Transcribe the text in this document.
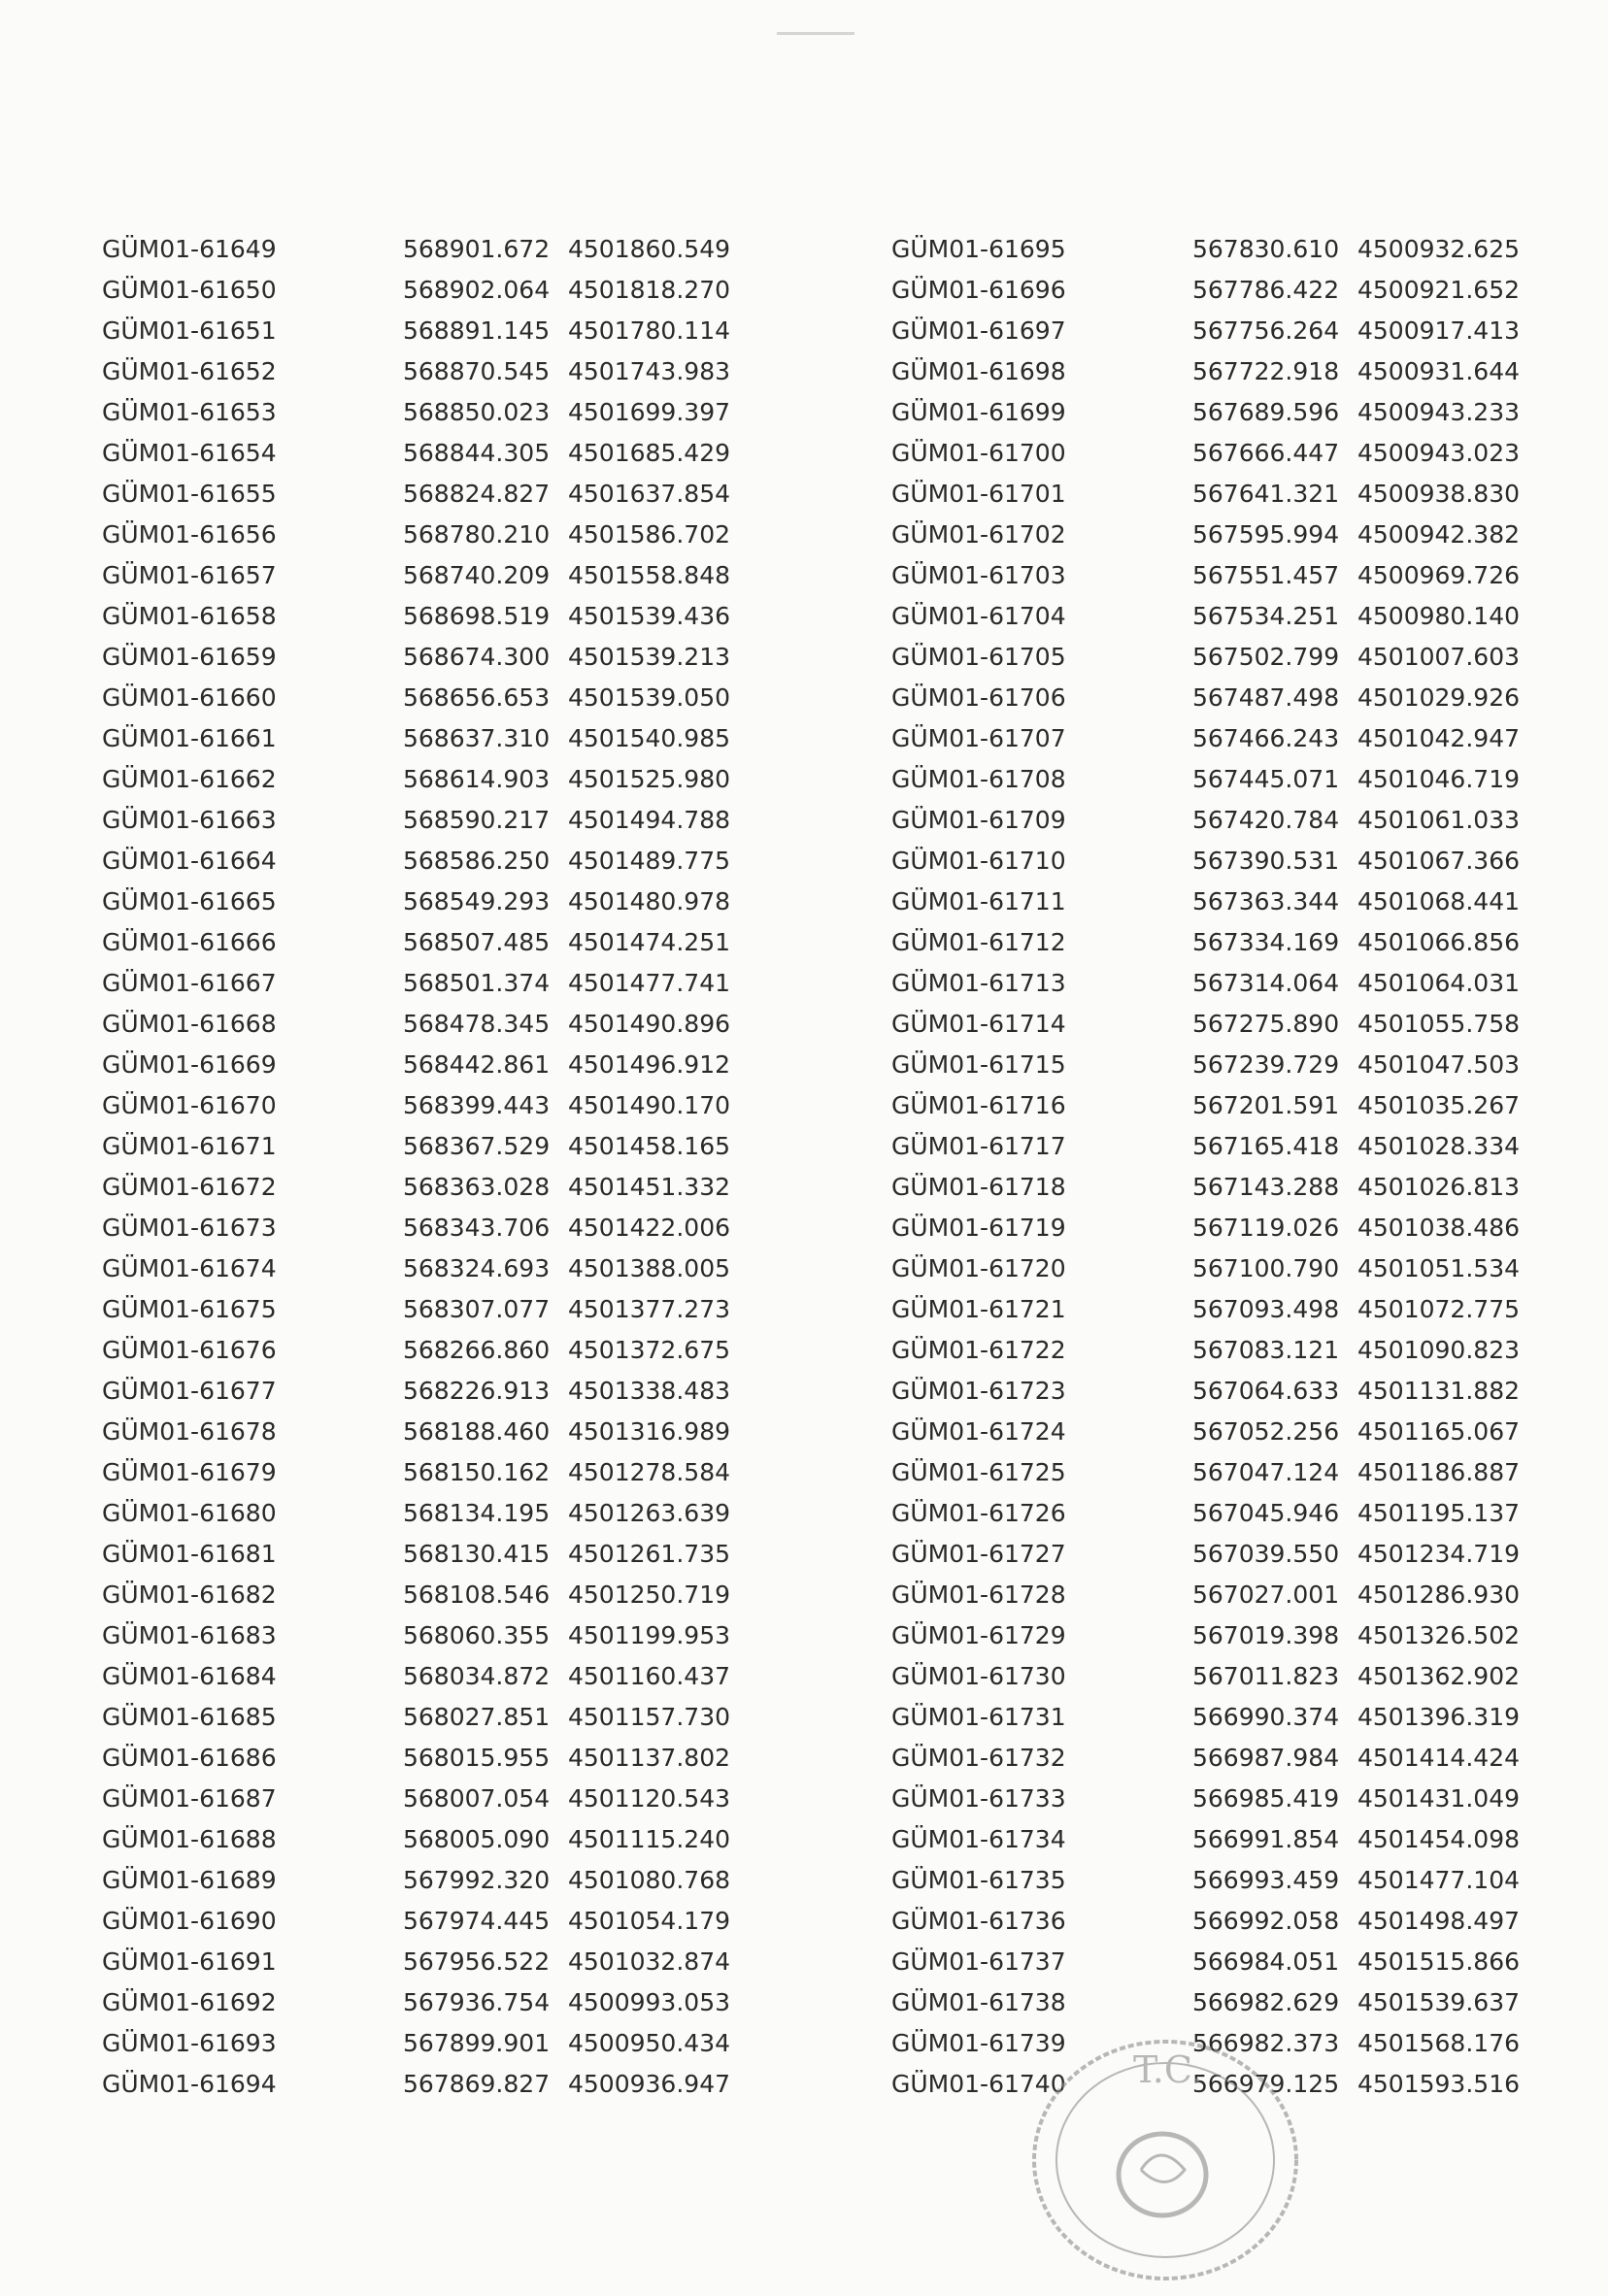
GÜM01-61649	568901.672 4501860.549
GÜM01-61650	568902.064 4501818.270
GÜM01-61651	568891.145 4501780.114
GÜM01-61652	568870.545 4501743.983
GÜM01-61653	568850.023 4501699.397
GÜM01-61654	568844.305 4501685.429
GÜM01-61655	568824.827 4501637.854
GÜM01-61656	568780.210 4501586.702
GÜM01-61657	568740.209 4501558.848
GÜM01-61658	568698.519 4501539.436
GÜM01-61659	568674.300 4501539.213
GÜM01-61660	568656.653 4501539.050
GÜM01-61661	568637.310 4501540.985
GÜM01-61662	568614.903 4501525.980
GÜM01-61663	568590.217 4501494.788
GÜM01-61664	568586.250 4501489.775
GÜM01-61665	568549.293 4501480.978
GÜM01-61666	568507.485 4501474.251
GÜM01-61667	568501.374 4501477.741
GÜM01-61668	568478.345 4501490.896
GÜM01-61669	568442.861 4501496.912
GÜM01-61670	568399.443 4501490.170
GÜM01-61671	568367.529 4501458.165
GÜM01-61672	568363.028 4501451.332
GÜM01-61673	568343.706 4501422.006
GÜM01-61674	568324.693 4501388.005
GÜM01-61675	568307.077 4501377.273
GÜM01-61676	568266.860 4501372.675
GÜM01-61677	568226.913 4501338.483
GÜM01-61678	568188.460 4501316.989
GÜM01-61679	568150.162 4501278.584
GÜM01-61680	568134.195 4501263.639
GÜM01-61681	568130.415 4501261.735
GÜM01-61682	568108.546 4501250.719
GÜM01-61683	568060.355 4501199.953
GÜM01-61684	568034.872 4501160.437
GÜM01-61685	568027.851 4501157.730
GÜM01-61686	568015.955 4501137.802
GÜM01-61687	568007.054 4501120.543
GÜM01-61688	568005.090 4501115.240
GÜM01-61689	567992.320 4501080.768
GÜM01-61690	567974.445 4501054.179
GÜM01-61691	567956.522 4501032.874
GÜM01-61692	567936.754 4500993.053
GÜM01-61693	567899.901 4500950.434
GÜM01-61694	567869.827 4500936.947
GÜM01-61695	567830.610 4500932.625
GÜM01-61696	567786.422 4500921.652
GÜM01-61697	567756.264 4500917.413
GÜM01-61698	567722.918 4500931.644
GÜM01-61699	567689.596 4500943.233
GÜM01-61700	567666.447 4500943.023
GÜM01-61701	567641.321 4500938.830
GÜM01-61702	567595.994 4500942.382
GÜM01-61703	567551.457 4500969.726
GÜM01-61704	567534.251 4500980.140
GÜM01-61705	567502.799 4501007.603
GÜM01-61706	567487.498 4501029.926
GÜM01-61707	567466.243 4501042.947
GÜM01-61708	567445.071 4501046.719
GÜM01-61709	567420.784 4501061.033
GÜM01-61710	567390.531 4501067.366
GÜM01-61711	567363.344 4501068.441
GÜM01-61712	567334.169 4501066.856
GÜM01-61713	567314.064 4501064.031
GÜM01-61714	567275.890 4501055.758
GÜM01-61715	567239.729 4501047.503
GÜM01-61716	567201.591 4501035.267
GÜM01-61717	567165.418 4501028.334
GÜM01-61718	567143.288 4501026.813
GÜM01-61719	567119.026 4501038.486
GÜM01-61720	567100.790 4501051.534
GÜM01-61721	567093.498 4501072.775
GÜM01-61722	567083.121 4501090.823
GÜM01-61723	567064.633 4501131.882
GÜM01-61724	567052.256 4501165.067
GÜM01-61725	567047.124 4501186.887
GÜM01-61726	567045.946 4501195.137
GÜM01-61727	567039.550 4501234.719
GÜM01-61728	567027.001 4501286.930
GÜM01-61729	567019.398 4501326.502
GÜM01-61730	567011.823 4501362.902
GÜM01-61731	566990.374 4501396.319
GÜM01-61732	566987.984 4501414.424
GÜM01-61733	566985.419 4501431.049
GÜM01-61734	566991.854 4501454.098
GÜM01-61735	566993.459 4501477.104
GÜM01-61736	566992.058 4501498.497
GÜM01-61737	566984.051 4501515.866
GÜM01-61738	566982.629 4501539.637
GÜM01-61739	566982.373 4501568.176
GÜM01-61740	566979.125 4501593.516
T.C.
